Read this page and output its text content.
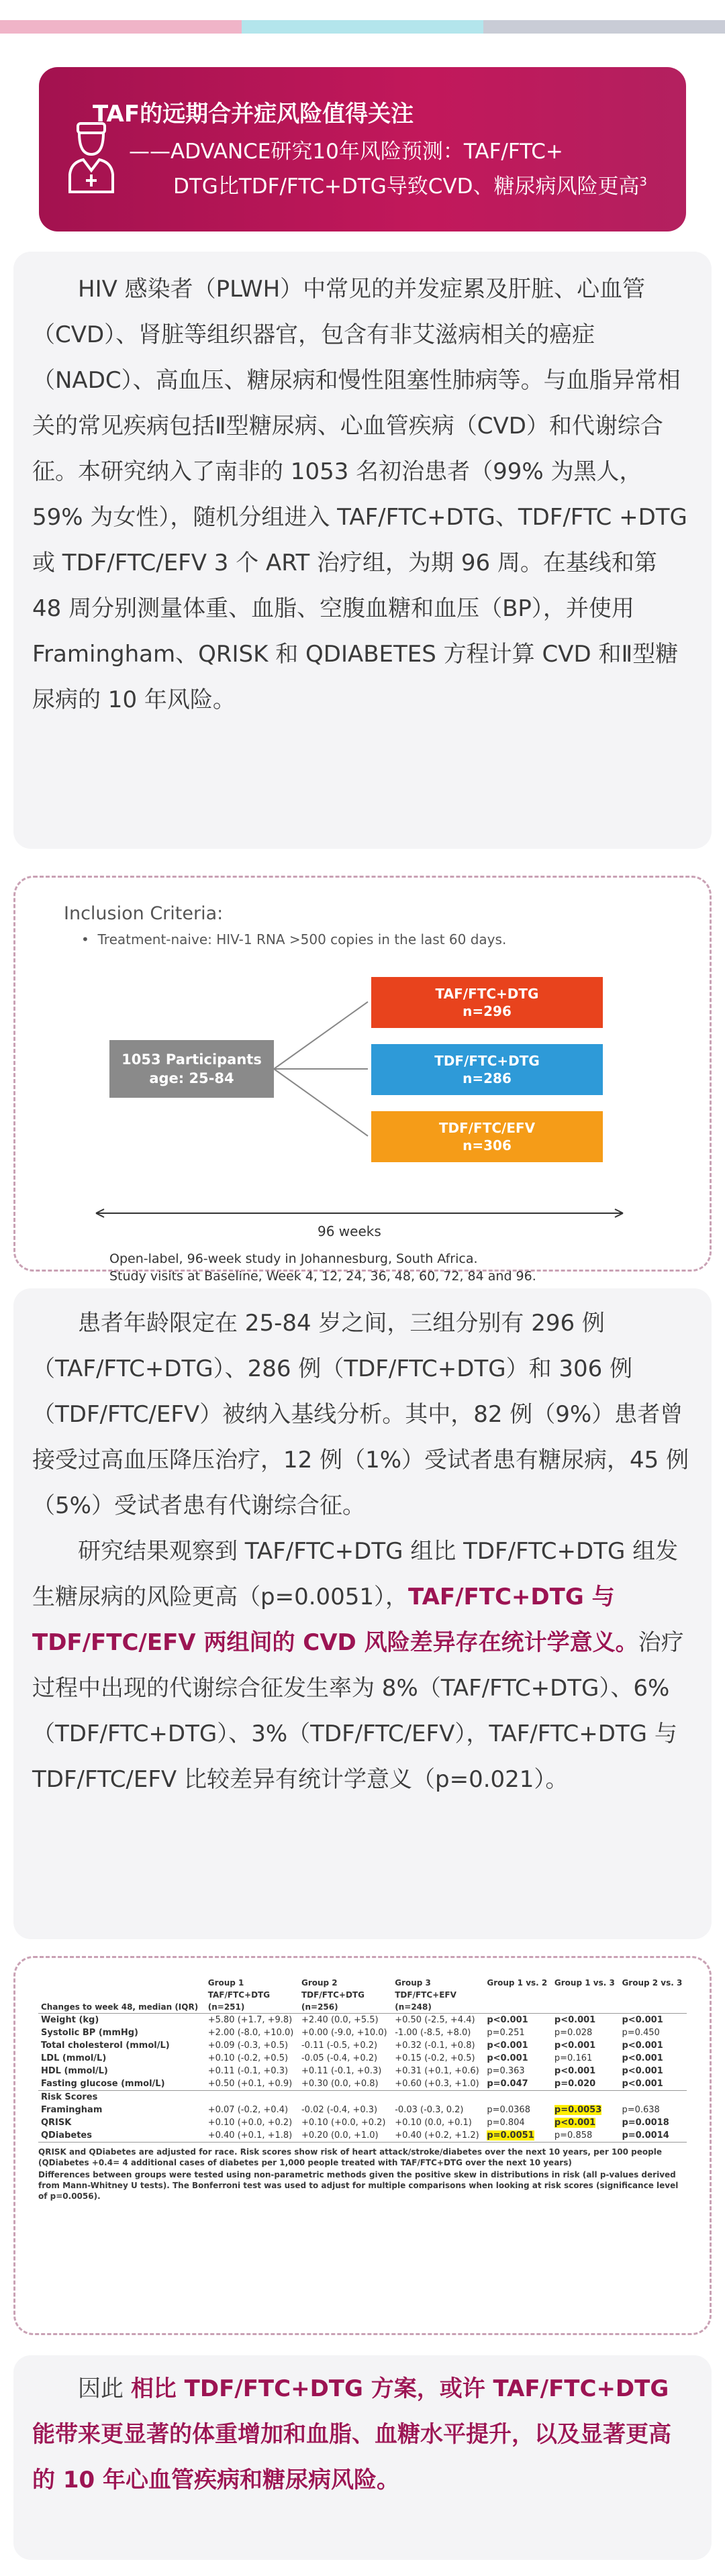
TAF的远期合并症风险值得关注
——ADVANCE研究10年风险预测：TAF/FTC+
DTG比TDF/FTC+DTG导致CVD、糖尿病风险更高$^3$

HIV 感染者（PLWH）中常见的并发症累及肝脏、心血管（CVD）、肾脏等组织器官，包含有非艾滋病相关的癌症（NADC）、高血压、糖尿病和慢性阻塞性肺病等。与血脂异常相关的常见疾病包括Ⅱ型糖尿病、心血管疾病（CVD）和代谢综合征。本研究纳入了南非的 1053 名初治患者（99% 为黑人，59% 为女性），随机分组进入 TAF/FTC+DTG、TDF/FTC +DTG 或 TDF/FTC/EFV 3 个 ART 治疗组，为期 96 周。在基线和第 48 周分别测量体重、血脂、空腹血糖和血压（BP），并使用 Framingham、QRISK 和 QDIABETES 方程计算 CVD 和Ⅱ型糖尿病的 10 年风险。

Inclusion Criteria:
•  Treatment-naive: HIV-1 RNA >500 copies in the last 60 days.
1053 Participants
age: 25-84
TAF/FTC+DTG
n=296
TDF/FTC+DTG
n=286
TDF/FTC/EFV
n=306
96 weeks
Open-label, 96-week study in Johannesburg, South Africa.
Study visits at Baseline, Week 4, 12, 24, 36, 48, 60, 72, 84 and 96.

患者年龄限定在 25-84 岁之间，三组分别有 296 例（TAF/FTC+DTG）、286 例（TDF/FTC+DTG）和 306 例（TDF/FTC/EFV）被纳入基线分析。其中，82 例（9%）患者曾接受过高血压降压治疗，12 例（1%）受试者患有糖尿病，45 例（5%）受试者患有代谢综合征。

研究结果观察到 TAF/FTC+DTG 组比 TDF/FTC+DTG 组发生糖尿病的风险更高（p=0.0051），TAF/FTC+DTG 与 TDF/FTC/EFV 两组间的 CVD 风险差异存在统计学意义。治疗过程中出现的代谢综合征发生率为 8%（TAF/FTC+DTG）、6%（TDF/FTC+DTG）、3%（TDF/FTC/EFV），TAF/FTC+DTG 与 TDF/FTC/EFV 比较差异有统计学意义（p=0.021）。

	Group 1	Group 2	Group 3	Group 1 vs. 2	Group 1 vs. 3	Group 2 vs. 3
	TAF/FTC+DTG	TDF/FTC+DTG	TDF/FTC+EFV			
Changes to week 48, median (IQR)	(n=251)	(n=256)	(n=248)			
Weight (kg)	+5.80 (+1.7, +9.8)	+2.40 (0.0, +5.5)	+0.50 (-2.5, +4.4)	p<0.001	p<0.001	p<0.001
Systolic BP (mmHg)	+2.00 (-8.0, +10.0)	+0.00 (-9.0, +10.0)	-1.00 (-8.5, +8.0)	p=0.251	p=0.028	p=0.450
Total cholesterol (mmol/L)	+0.09 (-0.3, +0.5)	-0.11 (-0.5, +0.2)	+0.32 (-0.1, +0.8)	p<0.001	p<0.001	p<0.001
LDL (mmol/L)	+0.10 (-0.2, +0.5)	-0.05 (-0.4, +0.2)	+0.15 (-0.2, +0.5)	p<0.001	p=0.161	p<0.001
HDL (mmol/L)	+0.11 (-0.1, +0.3)	+0.11 (-0.1, +0.3)	+0.31 (+0.1, +0.6)	p=0.363	p<0.001	p<0.001
Fasting glucose (mmol/L)	+0.50 (+0.1, +0.9)	+0.30 (0.0, +0.8)	+0.60 (+0.3, +1.0)	p=0.047	p=0.020	p<0.001
Risk Scores						
Framingham	+0.07 (-0.2, +0.4)	-0.02 (-0.4, +0.3)	-0.03 (-0.3, 0.2)	p=0.0368	p=0.0053	p=0.638
QRISK	+0.10 (+0.0, +0.2)	+0.10 (+0.0, +0.2)	+0.10 (0.0, +0.1)	p=0.804	p<0.001	p=0.0018
QDiabetes	+0.40 (+0.1, +1.8)	+0.20 (0.0, +1.0)	+0.40 (+0.2, +1.2)	p=0.0051	p=0.858	p=0.0014
QRISK and QDiabetes are adjusted for race. Risk scores show risk of heart attack/stroke/diabetes over the next 10 years, per 100 people (QDiabetes +0.4= 4 additional cases of diabetes per 1,000 people treated with TAF/FTC+DTG over the next 10 years)
Differences between groups were tested using non-parametric methods given the positive skew in distributions in risk (all p-values derived from Mann-Whitney U tests). The Bonferroni test was used to adjust for multiple comparisons when looking at risk scores (significance level of p=0.0056).

因此 相比 TDF/FTC+DTG 方案，或许 TAF/FTC+DTG 能带来更显著的体重增加和血脂、血糖水平提升，以及显著更高的 10 年心血管疾病和糖尿病风险。
